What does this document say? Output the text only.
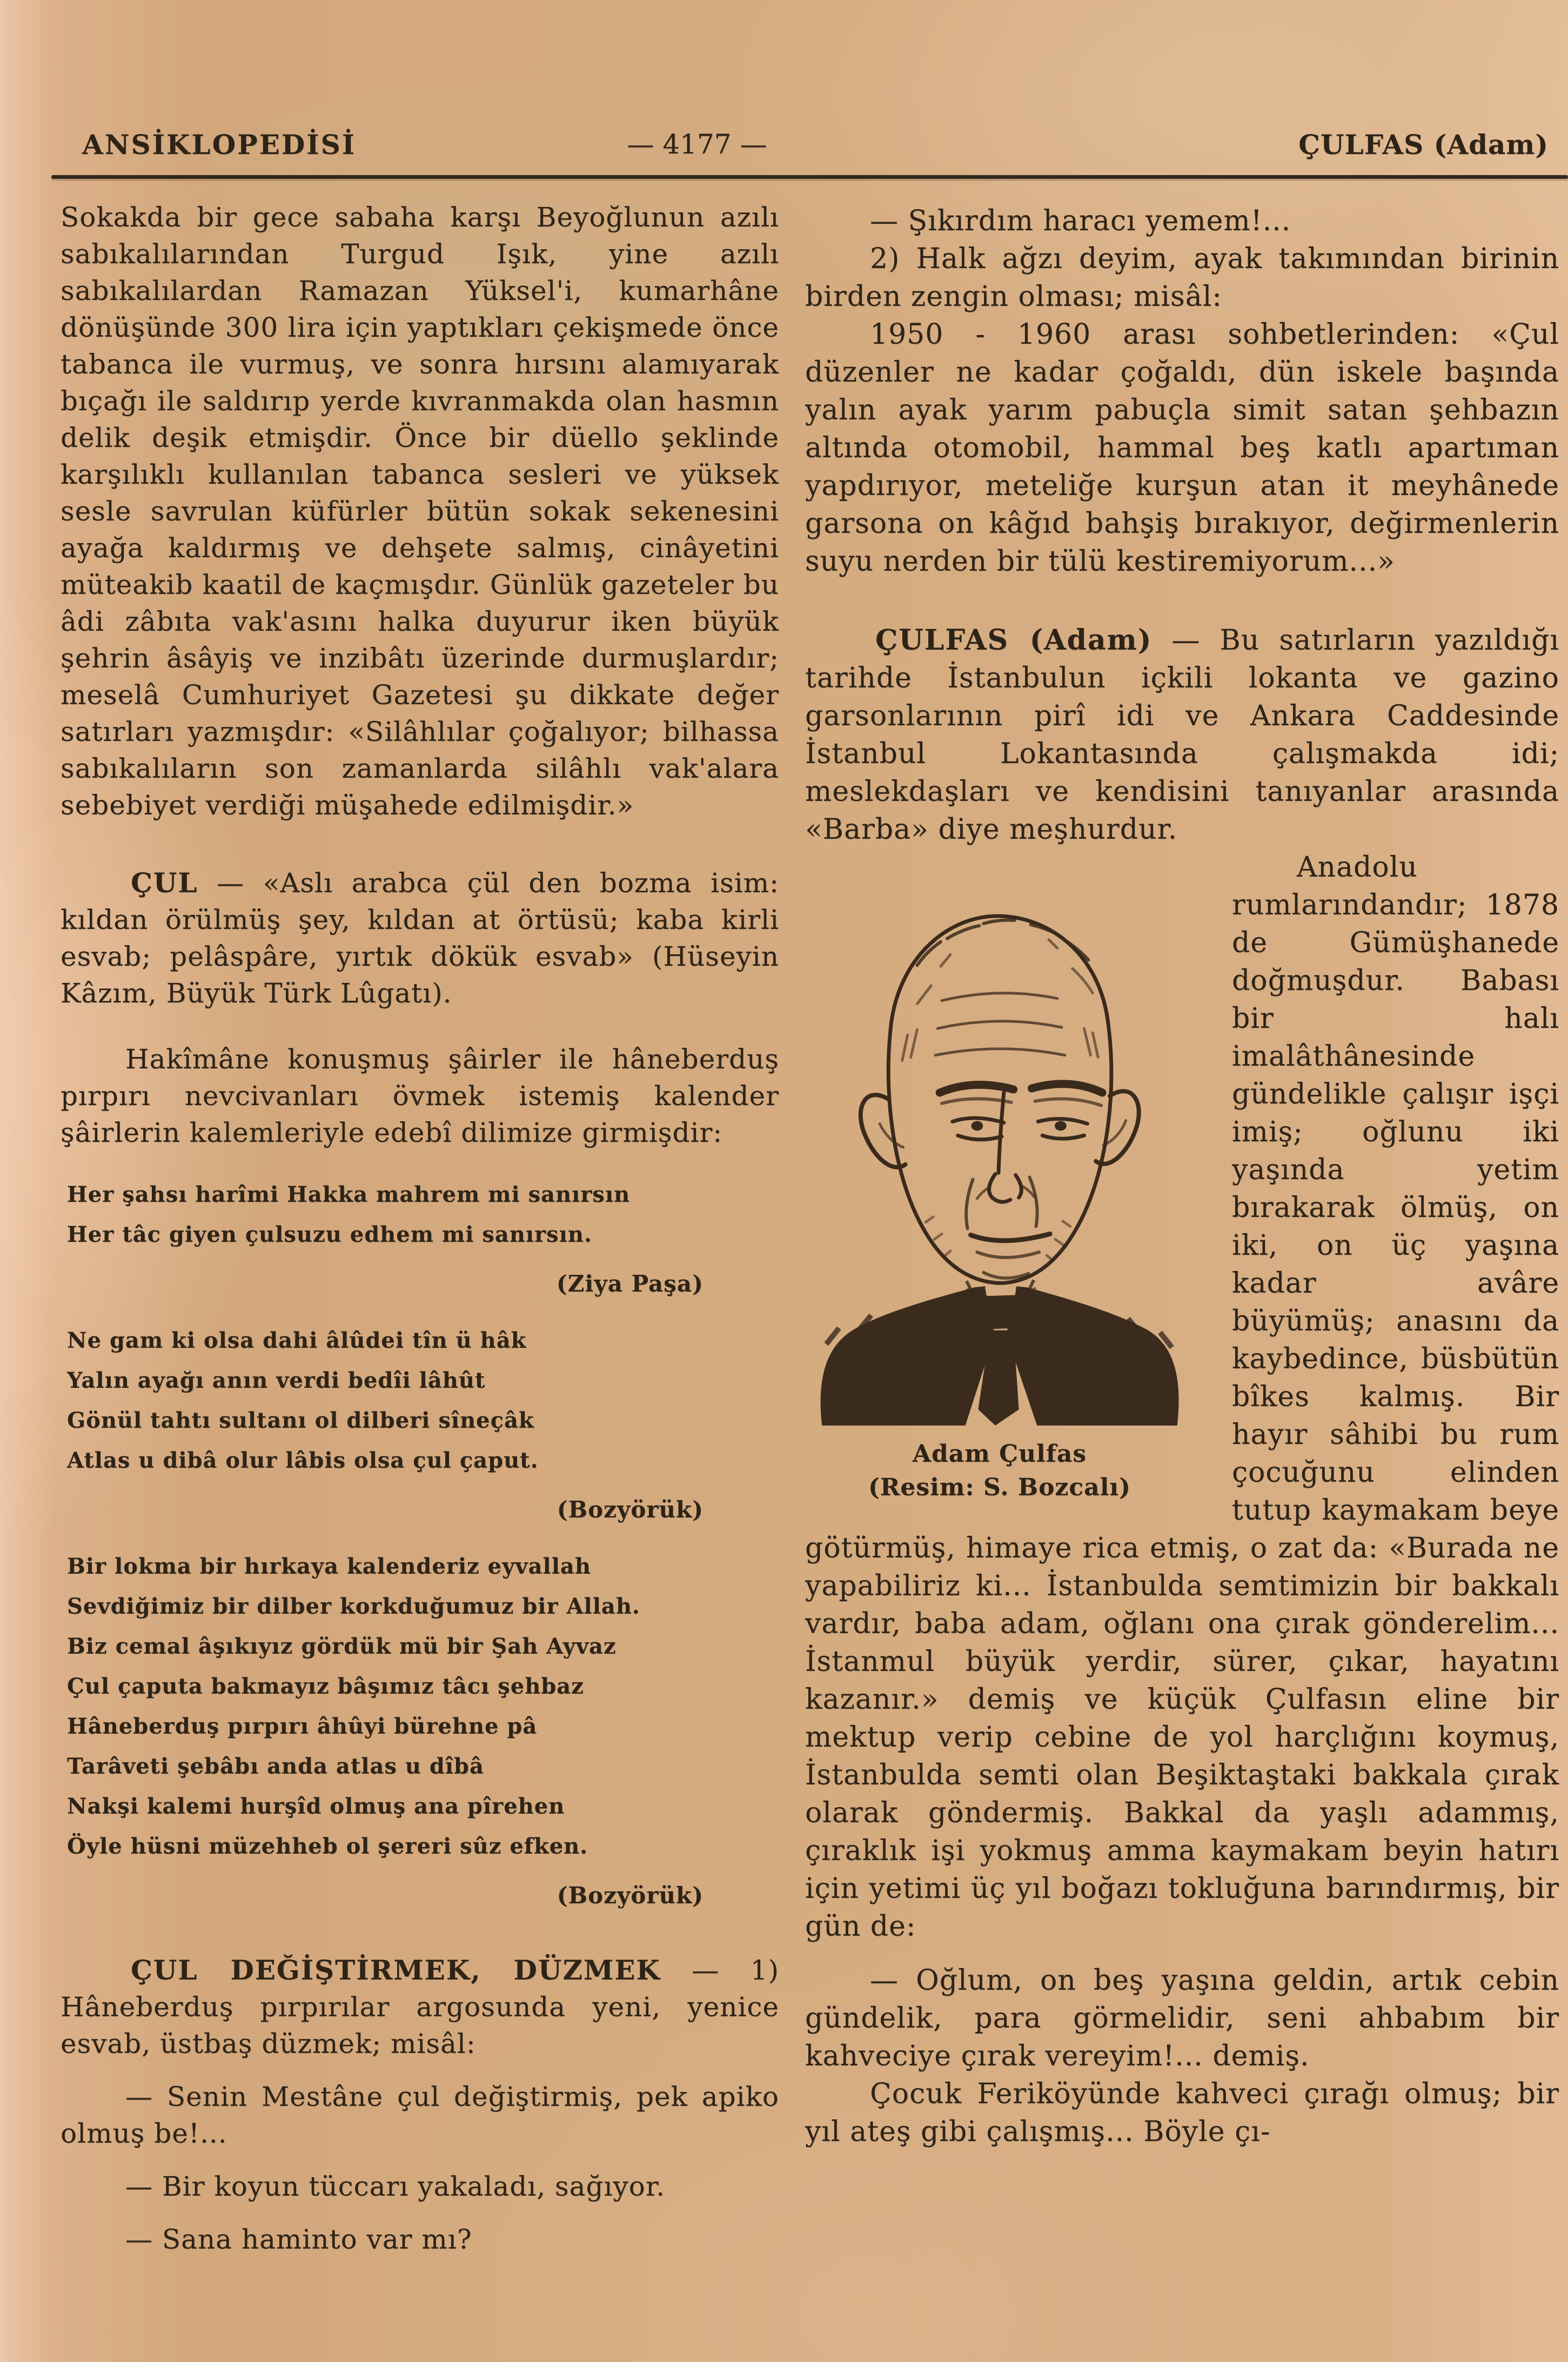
ANSİKLOPEDİSİ	— 4177 —	ÇULFAS (Adam)

Sokakda bir gece sabaha karşı Beyoğlunun azılı sabıkalılarından Turgud Işık, yine azılı sabıkalılardan Ramazan Yüksel'i, kumarhâne dönüşünde 300 lira için yaptıkları çekişmede önce tabanca ile vurmuş, ve sonra hırsını alamıyarak bıçağı ile saldırıp yerde kıvranmakda olan hasmın delik deşik etmişdir. Önce bir düello şeklinde karşılıklı kullanılan tabanca sesleri ve yüksek sesle savrulan küfürler bütün sokak sekenesini ayağa kaldırmış ve dehşete salmış, cinâyetini müteakib kaatil de kaçmışdır. Günlük gazeteler bu âdi zâbıta vak'asını halka duyurur iken büyük şehrin âsâyiş ve inzibâtı üzerinde durmuşlardır; meselâ Cumhuriyet Gazetesi şu dikkate değer satırları yazmışdır: «Silâhlılar çoğalıyor; bilhassa sabıkalıların son zamanlarda silâhlı vak'alara sebebiyet verdiği müşahede edilmişdir.»

ÇUL — «Aslı arabca çül den bozma isim: kıldan örülmüş şey, kıldan at örtüsü; kaba kirli esvab; pelâspâre, yırtık dökük esvab» (Hüseyin Kâzım, Büyük Türk Lûgatı).

Hakîmâne konuşmuş şâirler ile hâneberduş pırpırı nevcivanları övmek istemiş kalender şâirlerin kalemleriyle edebî dilimize girmişdir:

Her şahsı harîmi Hakka mahrem mi sanırsın

Her tâc giyen çulsuzu edhem mi sanırsın.

(Ziya Paşa)

Ne gam ki olsa dahi âlûdei tîn ü hâk

Yalın ayağı anın verdi bedîi lâhût

Gönül tahtı sultanı ol dilberi sîneçâk

Atlas u dibâ olur lâbis olsa çul çaput.

(Bozyörük)

Bir lokma bir hırkaya kalenderiz eyvallah

Sevdiğimiz bir dilber korkduğumuz bir Allah.

Biz cemal âşıkıyız gördük mü bir Şah Ayvaz

Çul çaputa bakmayız bâşımız tâcı şehbaz

Hâneberduş pırpırı âhûyi bürehne pâ

Tarâveti şebâbı anda atlas u dîbâ

Nakşi kalemi hurşîd olmuş ana pîrehen

Öyle hüsni müzehheb ol şereri sûz efken.

(Bozyörük)

ÇUL DEĞİŞTİRMEK, DÜZMEK — 1) Hâneberduş pırpırılar argosunda yeni, yenice esvab, üstbaş düzmek; misâl:

— Senin Mestâne çul değiştirmiş, pek apiko olmuş be!...

— Bir koyun tüccarı yakaladı, sağıyor.

— Sana haminto var mı?

— Şıkırdım haracı yemem!...

2) Halk ağzı deyim, ayak takımından birinin birden zengin olması; misâl:

1950 - 1960 arası sohbetlerinden: «Çul düzenler ne kadar çoğaldı, dün iskele başında yalın ayak yarım pabuçla simit satan şehbazın altında otomobil, hammal beş katlı apartıman yapdırıyor, meteliğe kurşun atan it meyhânede garsona on kâğıd bahşiş bırakıyor, değirmenlerin suyu nerden bir tülü kestiremiyorum...»

ÇULFAS (Adam) — Bu satırların yazıldığı tarihde İstanbulun içkili lokanta ve gazino garsonlarının pirî idi ve Ankara Caddesinde İstanbul Lokantasında çalışmakda idi; meslekdaşları ve kendisini tanıyanlar arasında «Barba» diye meşhurdur.

Adam Çulfas
(Resim: S. Bozcalı)

Anadolu rumlarındandır; 1878 de Gümüşhanede doğmuşdur. Babası bir halı imalâthânesinde gündelikle çalışır işçi imiş; oğlunu iki yaşında yetim bırakarak ölmüş, on iki, on üç yaşına kadar avâre büyümüş; anasını da kaybedince, büsbütün bîkes kalmış. Bir hayır sâhibi bu rum çocuğunu elinden tutup kaymakam beye götürmüş, himaye rica etmiş, o zat da: «Burada ne yapabiliriz ki... İstanbulda semtimizin bir bakkalı vardır, baba adam, oğlanı ona çırak gönderelim... İstanmul büyük yerdir, sürer, çıkar, hayatını kazanır.» demiş ve küçük Çulfasın eline bir mektup verip cebine de yol harçlığını koymuş, İstanbulda semti olan Beşiktaştaki bakkala çırak olarak göndermiş. Bakkal da yaşlı adammış, çıraklık işi yokmuş amma kaymakam beyin hatırı için yetimi üç yıl boğazı tokluğuna barındırmış, bir gün de:

— Oğlum, on beş yaşına geldin, artık cebin gündelik, para görmelidir, seni ahbabım bir kahveciye çırak vereyim!... demiş.

Çocuk Feriköyünde kahveci çırağı olmuş; bir yıl ateş gibi çalışmış... Böyle çı-
